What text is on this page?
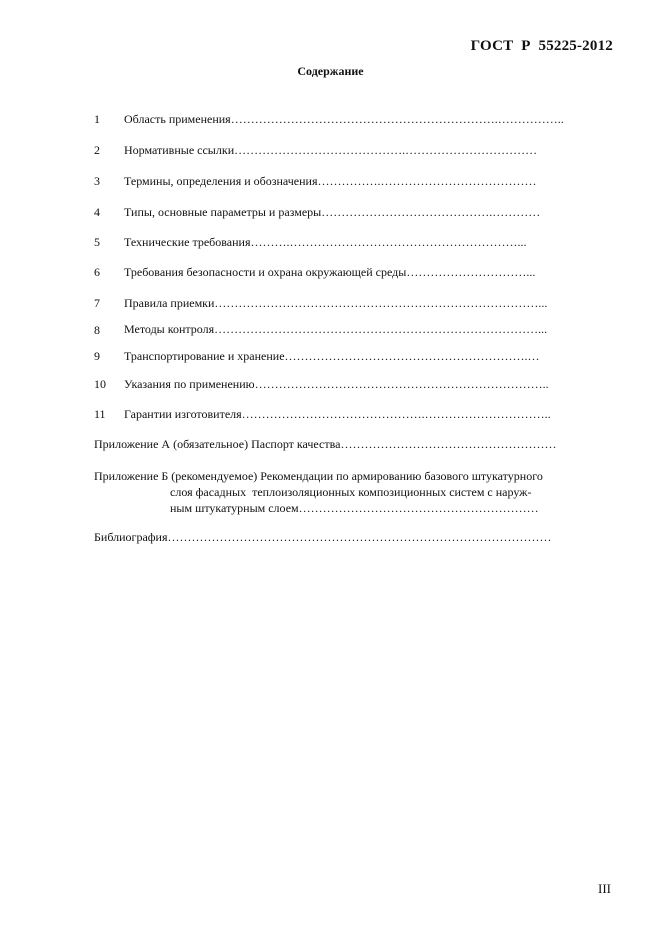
ГОСТ  Р  55225-2012
Содержание
1 Область применения………………………………………………………….……………..
2 Нормативные ссылки…………………………………….……………………………
3 Термины, определения и обозначения…………….…………………………………
4 Типы, основные параметры и размеры…………………………………….…………
5 Технические требования……….…………………………………………………...
6 Требования безопасности и охрана окружающей среды…………………………...
7 Правила приемки………………………………………………………………………...
8 Методы контроля………………………………………………………………………...
9 Транспортирование и хранение…………………………………………………….…
10 Указания по применению………………………………………………………………..
11 Гарантии изготовителя……………………………………….…………………………..
Приложение А (обязательное) Паспорт качества………………………………………………
Приложение Б (рекомендуемое) Рекомендации по армированию базового штукатурного
слоя фасадных  теплоизоляционных композиционных систем с наруж-
ным штукатурным слоем……………………………………………………
Библиография……………………………………………………………………………………
III
